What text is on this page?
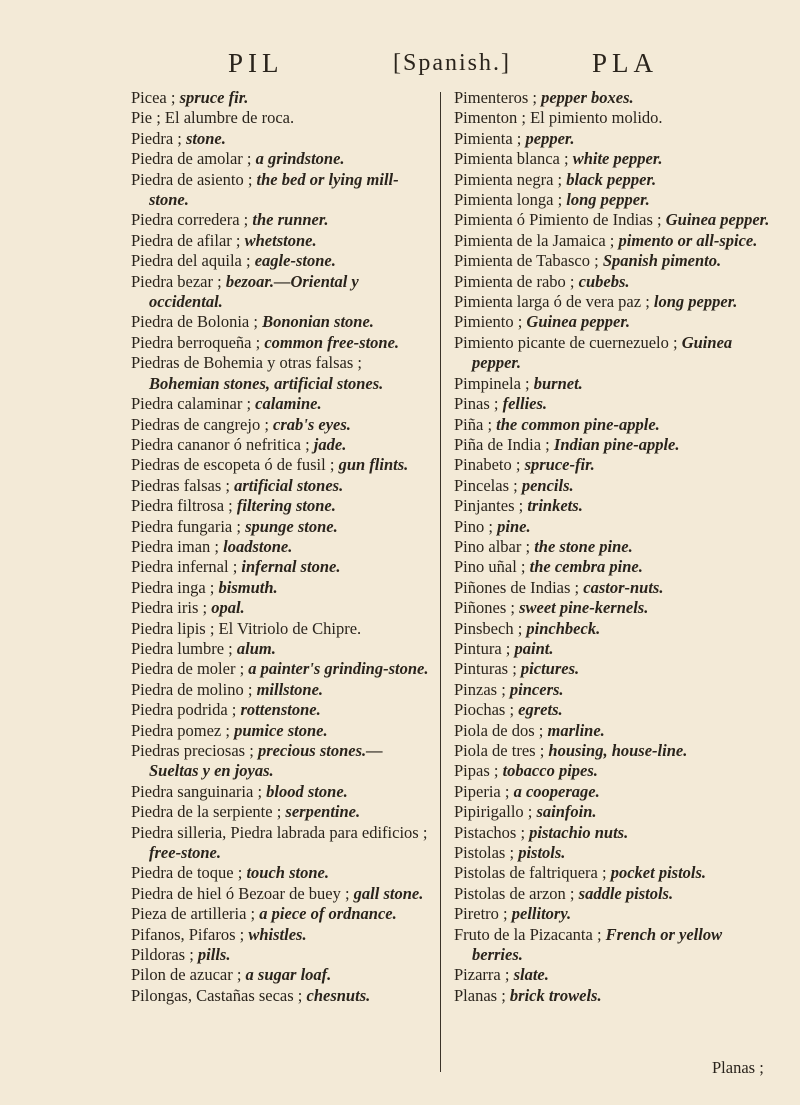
PIL	[Spanish.]	PLA

Picea ; spruce fir.

Pie ; El alumbre de roca.

Piedra ; stone.

Piedra de amolar ; a grindstone.

Piedra de asiento ; the bed or lying mill-stone.

Piedra corredera ; the runner.

Piedra de afilar ; whetstone.

Piedra del aquila ; eagle-stone.

Piedra bezar ; bezoar.—Oriental y occidental.

Piedra de Bolonia ; Bononian stone.

Piedra berroqueña ; common free-stone.

Piedras de Bohemia y otras falsas ; Bohemian stones, artificial stones.

Piedra calaminar ; calamine.

Piedras de cangrejo ; crab's eyes.

Piedra cananor ó nefritica ; jade.

Piedras de escopeta ó de fusil ; gun flints.

Piedras falsas ; artificial stones.

Piedra filtrosa ; filtering stone.

Piedra fungaria ; spunge stone.

Piedra iman ; loadstone.

Piedra infernal ; infernal stone.

Piedra inga ; bismuth.

Piedra iris ; opal.

Piedra lipis ; El Vitriolo de Chipre.

Piedra lumbre ; alum.

Piedra de moler ; a painter's grinding-stone.

Piedra de molino ; millstone.

Piedra podrida ; rottenstone.

Piedra pomez ; pumice stone.

Piedras preciosas ; precious stones.— Sueltas y en joyas.

Piedra sanguinaria ; blood stone.

Piedra de la serpiente ; serpentine.

Piedra silleria, Piedra labrada para edificios ; free-stone.

Piedra de toque ; touch stone.

Piedra de hiel ó Bezoar de buey ; gall stone.

Pieza de artilleria ; a piece of ordnance.

Pifanos, Pifaros ; whistles.

Pildoras ; pills.

Pilon de azucar ; a sugar loaf.

Pilongas, Castañas secas ; chesnuts.

Pimenteros ; pepper boxes.

Pimenton ; El pimiento molido.

Pimienta ; pepper.

Pimienta blanca ; white pepper.

Pimienta negra ; black pepper.

Pimienta longa ; long pepper.

Pimienta ó Pimiento de Indias ; Guinea pepper.

Pimienta de la Jamaica ; pimento or all-spice.

Pimienta de Tabasco ; Spanish pimento.

Pimienta de rabo ; cubebs.

Pimienta larga ó de vera paz ; long pepper.

Pimiento ; Guinea pepper.

Pimiento picante de cuernezuelo ; Guinea pepper.

Pimpinela ; burnet.

Pinas ; fellies.

Piña ; the common pine-apple.

Piña de India ; Indian pine-apple.

Pinabeto ; spruce-fir.

Pincelas ; pencils.

Pinjantes ; trinkets.

Pino ; pine.

Pino albar ; the stone pine.

Pino uñal ; the cembra pine.

Piñones de Indias ; castor-nuts.

Piñones ; sweet pine-kernels.

Pinsbech ; pinchbeck.

Pintura ; paint.

Pinturas ; pictures.

Pinzas ; pincers.

Piochas ; egrets.

Piola de dos ; marline.

Piola de tres ; housing, house-line.

Pipas ; tobacco pipes.

Piperia ; a cooperage.

Pipirigallo ; sainfoin.

Pistachos ; pistachio nuts.

Pistolas ; pistols.

Pistolas de faltriquera ; pocket pistols.

Pistolas de arzon ; saddle pistols.

Piretro ; pellitory.

Fruto de la Pizacanta ; French or yellow berries.

Pizarra ; slate.

Planas ; brick trowels.

Planas ;
